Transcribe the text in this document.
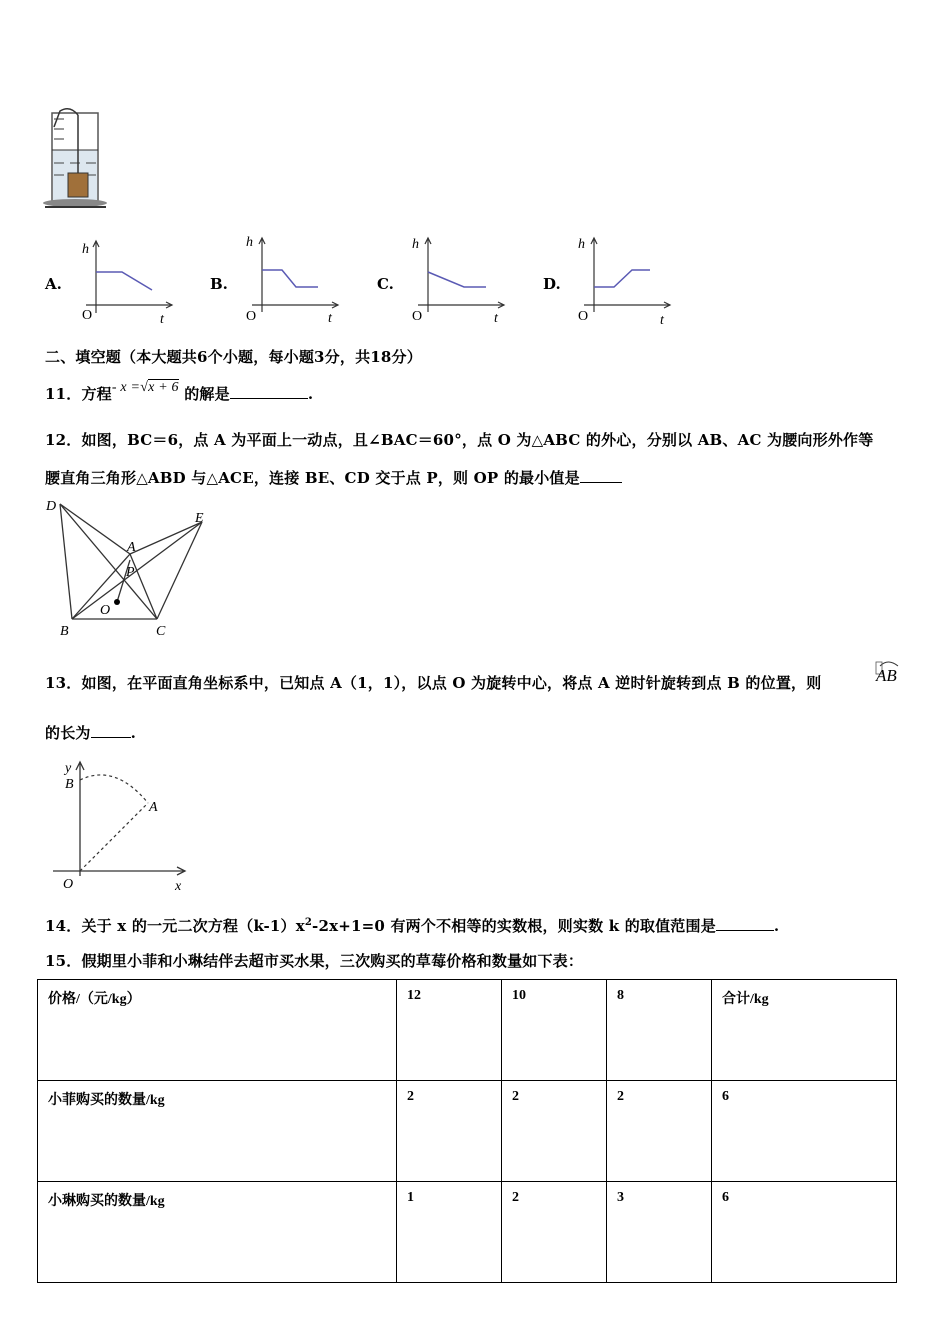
A.
h
O	t
B.
h
O	t
C.
h
O	t
D.
h
O	t
二、填空题（本大题共6个小题，每小题3分，共18分）
11．方程- x =√x + 6 的解是	.
12．如图，BC＝6，点 A 为平面上一动点，且∠BAC＝60°，点 O 为△ABC 的外心，分别以 AB、AC 为腰向形外作等
腰直角三角形△ABD 与△ACE，连接 BE、CD 交于点 P，则 OP 的最小值是
D
E
A
P
O
B	C
13．如图，在平面直角坐标系中，已知点 A（1，1），以点 O 为旋转中心，将点 A 逆时针旋转到点 B 的位置，则	AB
的长为	.
y
B
A
O	x
14．关于 x 的一元二次方程$(k-1)x^2-2x+1=0$ 有两个不相等的实数根，则实数 k 的取值范围是	.
15．假期里小菲和小琳结伴去超市买水果，三次购买的草莓价格和数量如下表：
价格/（元/kg）	12	10	8	合计/kg
小菲购买的数量/kg	2	2	2	6
小琳购买的数量/kg	1	2	3	6
